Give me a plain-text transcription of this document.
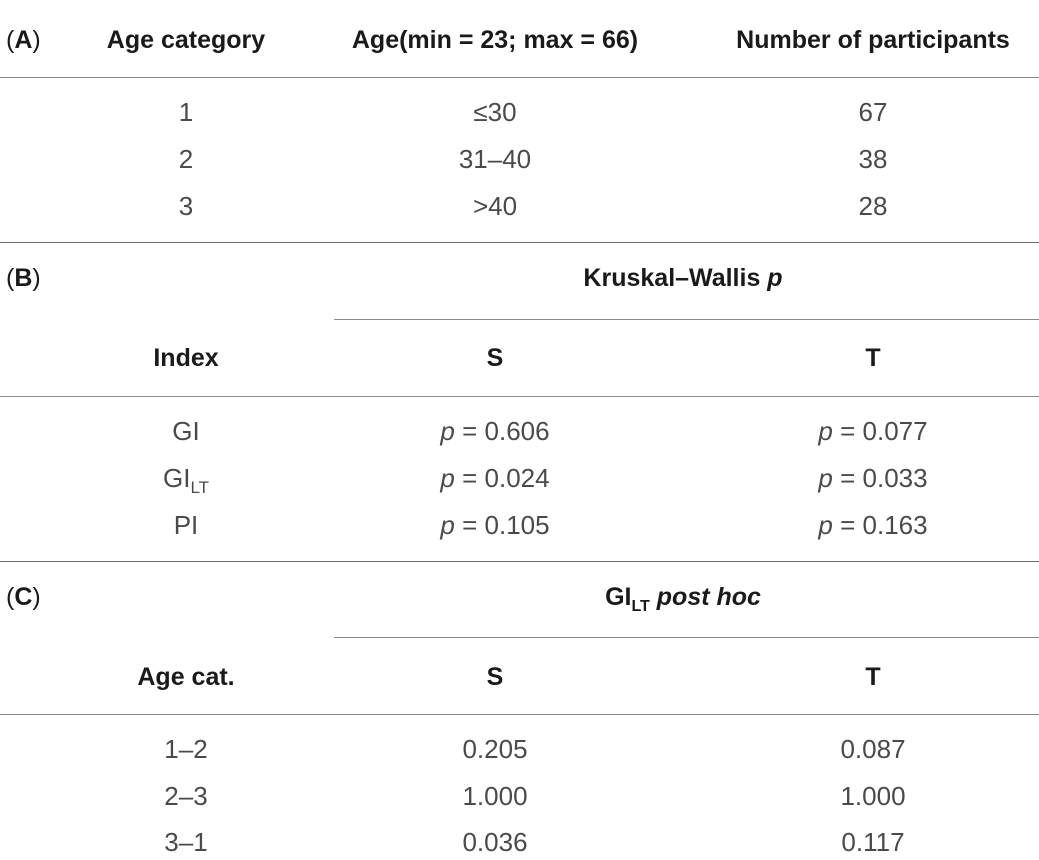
(A)	Age category	Age(min = 23; max = 66)	Number of participants
1	≤30	67
2	31–40	38
3	>40	28
(B)	Kruskal–Wallis p
Index	S	T
GI	p = 0.606	p = 0.077
$GI_{LT}$	p = 0.024	p = 0.033
PI	p = 0.105	p = 0.163
(C)	$GI_{LT}$ post hoc
Age cat.	S	T
1–2	0.205	0.087
2–3	1.000	1.000
3–1	0.036	0.117
